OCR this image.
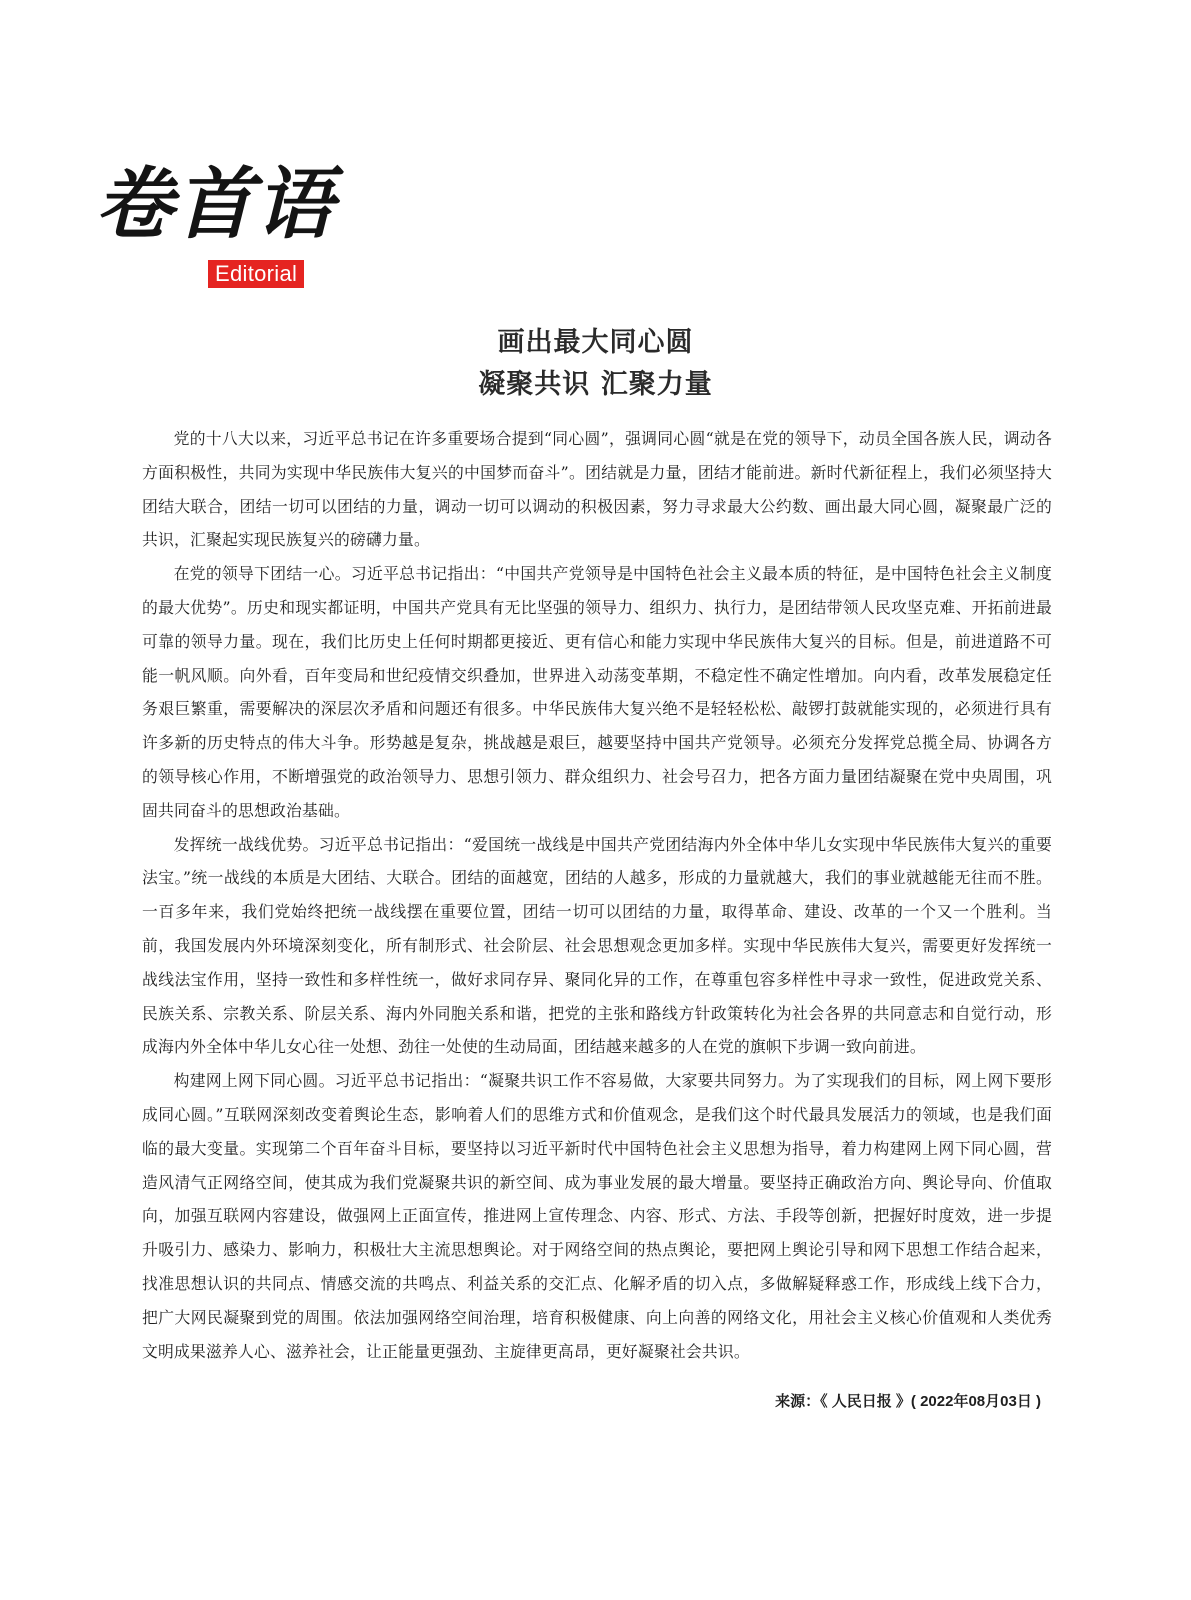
卷首语
Editorial
画出最大同心圆
凝聚共识 汇聚力量

党的十八大以来，习近平总书记在许多重要场合提到“同心圆”，强调同心圆“就是在党的领导下，动员全国各族人民，调动各方面积极性，共同为实现中华民族伟大复兴的中国梦而奋斗”。团结就是力量，团结才能前进。新时代新征程上，我们必须坚持大团结大联合，团结一切可以团结的力量，调动一切可以调动的积极因素，努力寻求最大公约数、画出最大同心圆，凝聚最广泛的共识，汇聚起实现民族复兴的磅礴力量。

在党的领导下团结一心。习近平总书记指出：“中国共产党领导是中国特色社会主义最本质的特征，是中国特色社会主义制度的最大优势”。历史和现实都证明，中国共产党具有无比坚强的领导力、组织力、执行力，是团结带领人民攻坚克难、开拓前进最可靠的领导力量。现在，我们比历史上任何时期都更接近、更有信心和能力实现中华民族伟大复兴的目标。但是，前进道路不可能一帆风顺。向外看，百年变局和世纪疫情交织叠加，世界进入动荡变革期，不稳定性不确定性增加。向内看，改革发展稳定任务艰巨繁重，需要解决的深层次矛盾和问题还有很多。中华民族伟大复兴绝不是轻轻松松、敲锣打鼓就能实现的，必须进行具有许多新的历史特点的伟大斗争。形势越是复杂，挑战越是艰巨，越要坚持中国共产党领导。必须充分发挥党总揽全局、协调各方的领导核心作用，不断增强党的政治领导力、思想引领力、群众组织力、社会号召力，把各方面力量团结凝聚在党中央周围，巩固共同奋斗的思想政治基础。

发挥统一战线优势。习近平总书记指出：“爱国统一战线是中国共产党团结海内外全体中华儿女实现中华民族伟大复兴的重要法宝。”统一战线的本质是大团结、大联合。团结的面越宽，团结的人越多，形成的力量就越大，我们的事业就越能无往而不胜。一百多年来，我们党始终把统一战线摆在重要位置，团结一切可以团结的力量，取得革命、建设、改革的一个又一个胜利。当前，我国发展内外环境深刻变化，所有制形式、社会阶层、社会思想观念更加多样。实现中华民族伟大复兴，需要更好发挥统一战线法宝作用，坚持一致性和多样性统一，做好求同存异、聚同化异的工作，在尊重包容多样性中寻求一致性，促进政党关系、民族关系、宗教关系、阶层关系、海内外同胞关系和谐，把党的主张和路线方针政策转化为社会各界的共同意志和自觉行动，形成海内外全体中华儿女心往一处想、劲往一处使的生动局面，团结越来越多的人在党的旗帜下步调一致向前进。

构建网上网下同心圆。习近平总书记指出：“凝聚共识工作不容易做，大家要共同努力。为了实现我们的目标，网上网下要形成同心圆。”互联网深刻改变着舆论生态，影响着人们的思维方式和价值观念，是我们这个时代最具发展活力的领域，也是我们面临的最大变量。实现第二个百年奋斗目标，要坚持以习近平新时代中国特色社会主义思想为指导，着力构建网上网下同心圆，营造风清气正网络空间，使其成为我们党凝聚共识的新空间、成为事业发展的最大增量。要坚持正确政治方向、舆论导向、价值取向，加强互联网内容建设，做强网上正面宣传，推进网上宣传理念、内容、形式、方法、手段等创新，把握好时度效，进一步提升吸引力、感染力、影响力，积极壮大主流思想舆论。对于网络空间的热点舆论，要把网上舆论引导和网下思想工作结合起来，找准思想认识的共同点、情感交流的共鸣点、利益关系的交汇点、化解矛盾的切入点，多做解疑释惑工作，形成线上线下合力，把广大网民凝聚到党的周围。依法加强网络空间治理，培育积极健康、向上向善的网络文化，用社会主义核心价值观和人类优秀文明成果滋养人心、滋养社会，让正能量更强劲、主旋律更高昂，更好凝聚社会共识。

来源：《 人民日报 》( 2022年08月03日 )
